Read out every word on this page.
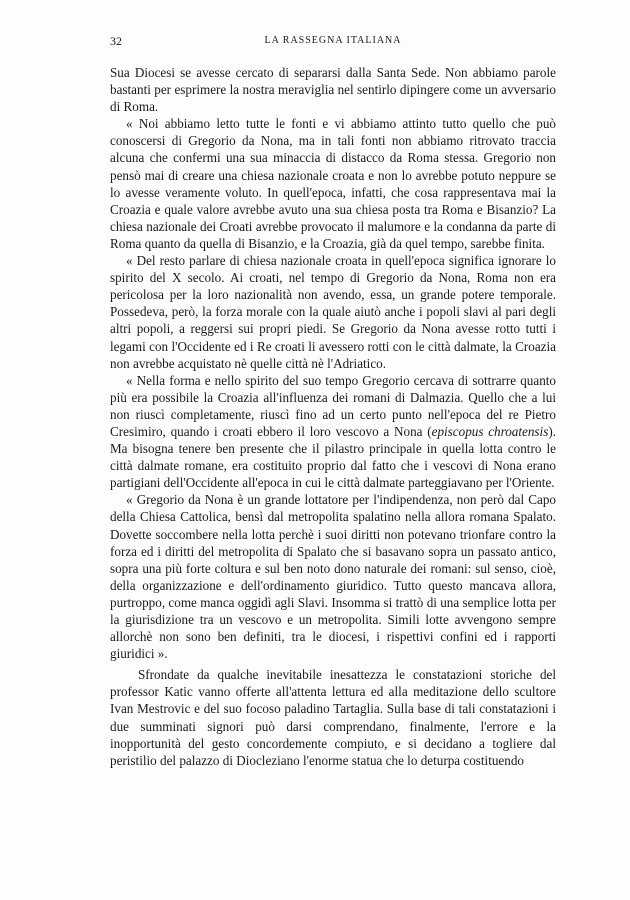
32	LA RASSEGNA ITALIANA

Sua Diocesi se avesse cercato di separarsi dalla Santa Sede. Non abbiamo parole bastanti per esprimere la nostra meraviglia nel sentirlo dipingere come un avversario di Roma.

« Noi abbiamo letto tutte le fonti e vi abbiamo attinto tutto quello che può conoscersi di Gregorio da Nona, ma in tali fonti non abbiamo ritrovato traccia alcuna che confermi una sua minaccia di distacco da Roma stessa. Gregorio non pensò mai di creare una chiesa nazionale croata e non lo avrebbe potuto neppure se lo avesse veramente voluto. In quell'epoca, infatti, che cosa rappresentava mai la Croazia e quale valore avrebbe avuto una sua chiesa posta tra Roma e Bisanzio? La chiesa nazionale dei Croati avrebbe provocato il malumore e la condanna da parte di Roma quanto da quella di Bisanzio, e la Croazia, già da quel tempo, sarebbe finita.

« Del resto parlare di chiesa nazionale croata in quell'epoca significa ignorare lo spirito del X secolo. Ai croati, nel tempo di Gregorio da Nona, Roma non era pericolosa per la loro nazionalità non avendo, essa, un grande potere temporale. Possedeva, però, la forza morale con la quale aiutò anche i popoli slavi al pari degli altri popoli, a reggersi sui propri piedi. Se Gregorio da Nona avesse rotto tutti i legami con l'Occidente ed i Re croati li avessero rotti con le città dalmate, la Croazia non avrebbe acquistato nè quelle città nè l'Adriatico.

« Nella forma e nello spirito del suo tempo Gregorio cercava di sottrarre quanto più era possibile la Croazia all'influenza dei romani di Dalmazia. Quello che a lui non riuscì completamente, riuscì fino ad un certo punto nell'epoca del re Pietro Cresimiro, quando i croati ebbero il loro vescovo a Nona (episcopus chroatensis). Ma bisogna tenere ben presente che il pilastro principale in quella lotta contro le città dalmate romane, era costituito proprio dal fatto che i vescovi di Nona erano partigiani dell'Occidente all'epoca in cui le città dalmate parteggiavano per l'Oriente.

« Gregorio da Nona è un grande lottatore per l'indipendenza, non però dal Capo della Chiesa Cattolica, bensì dal metropolita spalatino nella allora romana Spalato. Dovette soccombere nella lotta perchè i suoi diritti non potevano trionfare contro la forza ed i diritti del metropolita di Spalato che si basavano sopra un passato antico, sopra una più forte coltura e sul ben noto dono naturale dei romani: sul senso, cioè, della organizzazione e dell'ordinamento giuridico. Tutto questo mancava allora, purtroppo, come manca oggidì agli Slavi. Insomma si trattò di una semplice lotta per la giurisdizione tra un vescovo e un metropolita. Simili lotte avvengono sempre allorchè non sono ben definiti, tra le diocesi, i rispettivi confini ed i rapporti giuridici ».

Sfrondate da qualche inevitabile inesattezza le constatazioni storiche del professor Katic vanno offerte all'attenta lettura ed alla meditazione dello scultore Ivan Mestrovic e del suo focoso paladino Tartaglia. Sulla base di tali constatazioni i due summinati signori può darsi comprendano, finalmente, l'errore e la inopportunità del gesto concordemente compiuto, e si decidano a togliere dal peristilio del palazzo di Diocleziano l'enorme statua che lo deturpa costituendo
